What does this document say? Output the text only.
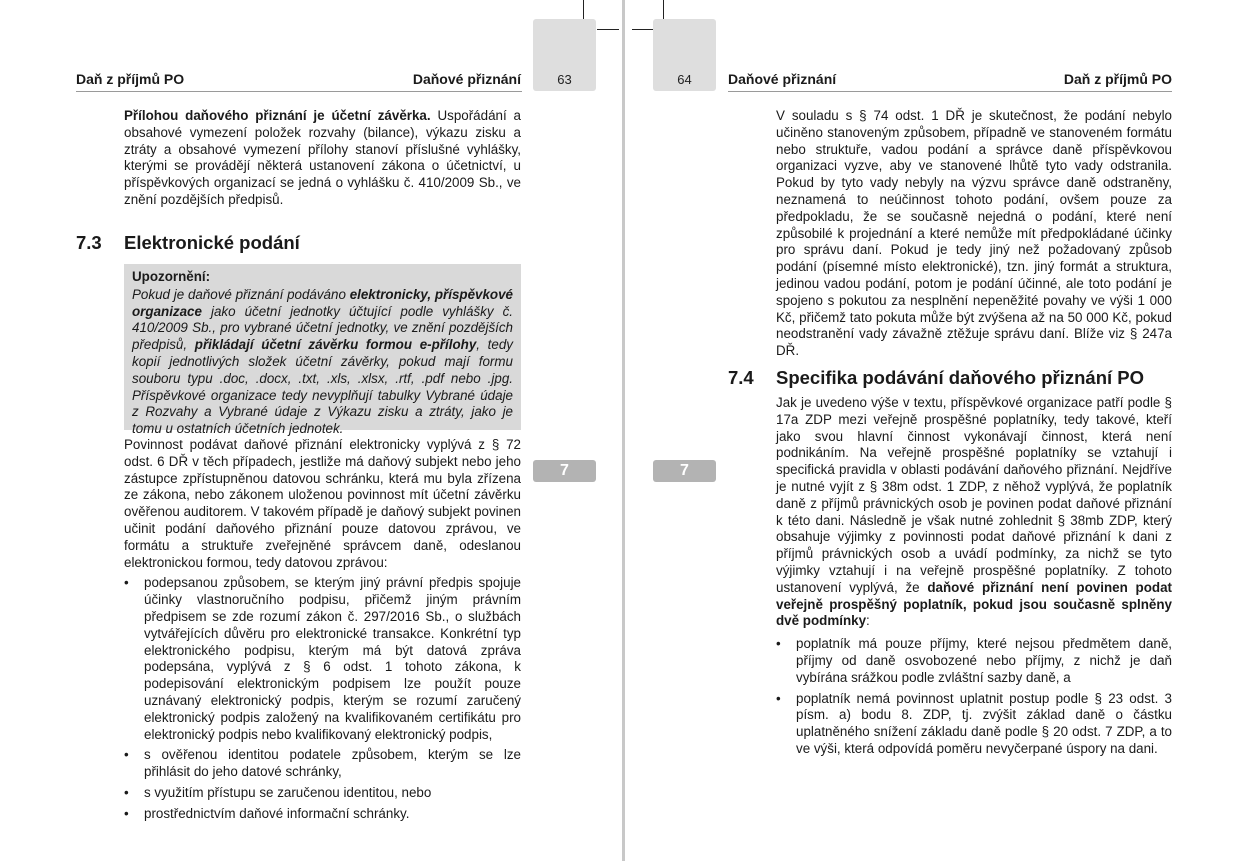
63
Daň z příjmů PO	Daňové přiznání

Přílohou daňového přiznání je účetní závěrka. Uspořádání a obsahové vymezení položek rozvahy (bilance), výkazu zisku a ztráty a obsahové vymezení přílohy stanoví příslušné vyhlášky, kterými se provádějí některá ustanovení zákona o účetnictví, u příspěvkových organizací se jedná o vyhlášku č. 410/2009 Sb., ve znění pozdějších předpisů.

7.3 Elektronické podání
Upozornění:
Pokud je daňové přiznání podáváno elektronicky, příspěvkové organizace jako účetní jednotky účtující podle vyhlášky č. 410/2009 Sb., pro vybrané účetní jednotky, ve znění pozdějších předpisů, přikládají účetní závěrku formou e-přílohy, tedy kopií jednotlivých složek účetní závěrky, pokud mají formu souboru typu .doc, .docx, .txt, .xls, .xlsx, .rtf, .pdf nebo .jpg. Příspěvkové organizace tedy nevyplňují tabulky Vybrané údaje z Rozvahy a Vybrané údaje z Výkazu zisku a ztráty, jako je tomu u ostatních účetních jednotek.

Povinnost podávat daňové přiznání elektronicky vyplývá z § 72 odst. 6 DŘ v těch případech, jestliže má daňový subjekt nebo jeho zástupce zpřístupněnou datovou schránku, která mu byla zřízena ze zákona, nebo zákonem uloženou povinnost mít účetní závěrku ověřenou auditorem. V takovém případě je daňový subjekt povinen učinit podání daňového přiznání pouze datovou zprávou, ve formátu a struktuře zveřejněné správcem daně, odeslanou elektronickou formou, tedy datovou zprávou:

• podepsanou způsobem, se kterým jiný právní předpis spojuje účinky vlastnoručního podpisu, přičemž jiným právním předpisem se zde rozumí zákon č. 297/2016 Sb., o službách vytvářejících důvěru pro elektronické transakce. Konkrétní typ elektronického podpisu, kterým má být datová zpráva podepsána, vyplývá z § 6 odst. 1 tohoto zákona, k podepisování elektronickým podpisem lze použít pouze uznávaný elektronický podpis, kterým se rozumí zaručený elektronický podpis založený na kvalifikovaném certifikátu pro elektronický podpis nebo kvalifikovaný elektronický podpis,
• s ověřenou identitou podatele způsobem, kterým se lze přihlásit do jeho datové schránky,
• s využitím přístupu se zaručenou identitou, nebo
• prostřednictvím daňové informační schránky.
7
64	Daňové přiznání	Daň z příjmů PO

V souladu s § 74 odst. 1 DŘ je skutečnost, že podání nebylo učiněno stanoveným způsobem, případně ve stanoveném formátu nebo struktuře, vadou podání a správce daně příspěvkovou organizaci vyzve, aby ve stanovené lhůtě tyto vady odstranila. Pokud by tyto vady nebyly na výzvu správce daně odstraněny, neznamená to neúčinnost tohoto podání, ovšem pouze za předpokladu, že se současně nejedná o podání, které není způsobilé k projednání a které nemůže mít předpokládané účinky pro správu daní. Pokud je tedy jiný než požadovaný způsob podání (písemné místo elektronické), tzn. jiný formát a struktura, jedinou vadou podání, potom je podání účinné, ale toto podání je spojeno s pokutou za nesplnění nepeněžité povahy ve výši 1 000 Kč, přičemž tato pokuta může být zvýšena až na 50 000 Kč, pokud neodstranění vady závažně ztěžuje správu daní. Blíže viz § 247a DŘ.

7.4 Specifika podávání daňového přiznání PO

Jak je uvedeno výše v textu, příspěvkové organizace patří podle § 17a ZDP mezi veřejně prospěšné poplatníky, tedy takové, kteří jako svou hlavní činnost vykonávají činnost, která není podnikáním. Na veřejně prospěšné poplatníky se vztahují i specifická pravidla v oblasti podávání daňového přiznání. Nejdříve je nutné vyjít z § 38m odst. 1 ZDP, z něhož vyplývá, že poplatník daně z příjmů právnických osob je povinen podat daňové přiznání k této dani. Následně je však nutné zohlednit § 38mb ZDP, který obsahuje výjimky z povinnosti podat daňové přiznání k dani z příjmů právnických osob a uvádí podmínky, za nichž se tyto výjimky vztahují i na veřejně prospěšné poplatníky. Z tohoto ustanovení vyplývá, že daňové přiznání není povinen podat veřejně prospěšný poplatník, pokud jsou současně splněny dvě podmínky:

• poplatník má pouze příjmy, které nejsou předmětem daně, příjmy od daně osvobozené nebo příjmy, z nichž je daň vybírána srážkou podle zvláštní sazby daně, a
• poplatník nemá povinnost uplatnit postup podle § 23 odst. 3 písm. a) bodu 8. ZDP, tj. zvýšit základ daně o částku uplatněného snížení základu daně podle § 20 odst. 7 ZDP, a to ve výši, která odpovídá poměru nevyčerpané úspory na dani.
7
